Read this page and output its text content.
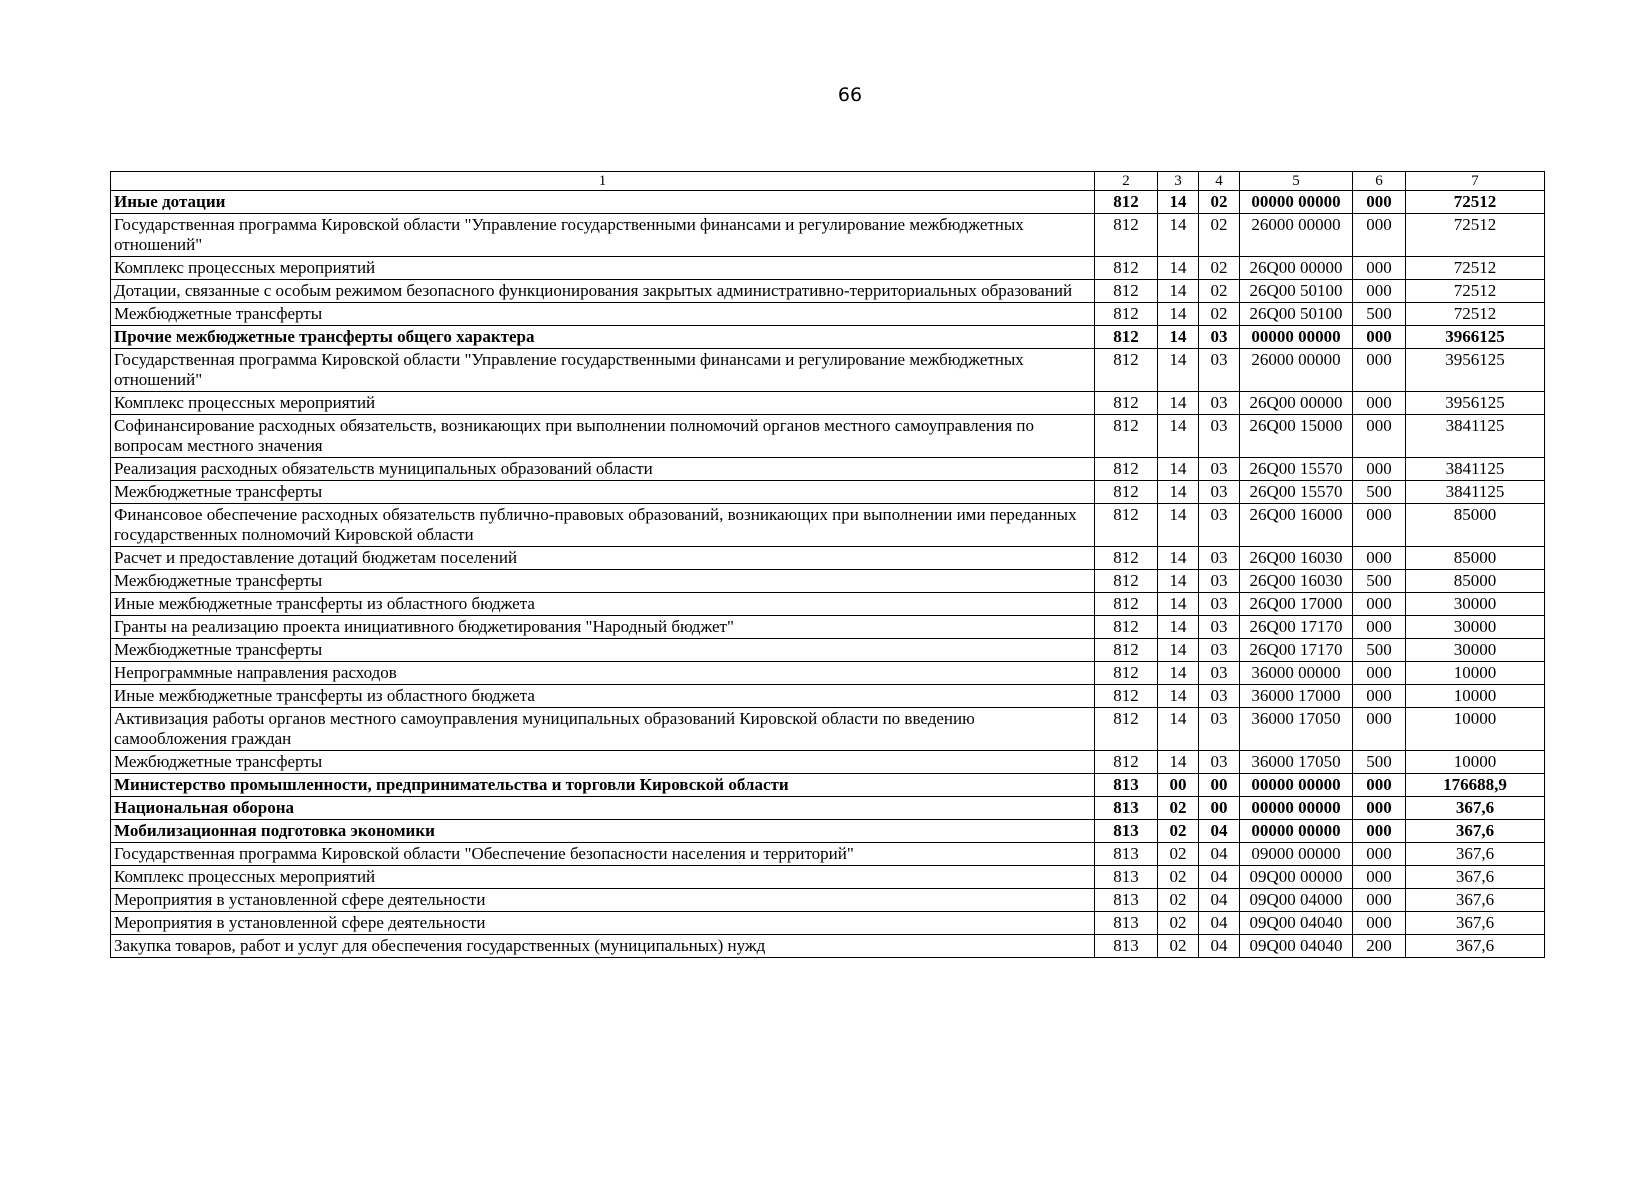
66
1	2	3	4	5	6	7
Иные дотации	812	14	02	00000 00000	000	72512
Государственная программа Кировской области "Управление государственными финансами и регулирование межбюджетных отношений"	812	14	02	26000 00000	000	72512
Комплекс процессных мероприятий	812	14	02	26Q00 00000	000	72512
Дотации, связанные с особым режимом безопасного функционирования закрытых административно-территориальных образований	812	14	02	26Q00 50100	000	72512
Межбюджетные трансферты	812	14	02	26Q00 50100	500	72512
Прочие межбюджетные трансферты общего характера	812	14	03	00000 00000	000	3966125
Государственная программа Кировской области "Управление государственными финансами и регулирование межбюджетных отношений"	812	14	03	26000 00000	000	3956125
Комплекс процессных мероприятий	812	14	03	26Q00 00000	000	3956125
Софинансирование расходных обязательств, возникающих при выполнении полномочий органов местного самоуправления по вопросам местного значения	812	14	03	26Q00 15000	000	3841125
Реализация расходных обязательств муниципальных образований области	812	14	03	26Q00 15570	000	3841125
Межбюджетные трансферты	812	14	03	26Q00 15570	500	3841125
Финансовое обеспечение расходных обязательств публично-правовых образований, возникающих при выполнении ими переданных государственных полномочий Кировской области	812	14	03	26Q00 16000	000	85000
Расчет и предоставление дотаций бюджетам поселений	812	14	03	26Q00 16030	000	85000
Межбюджетные трансферты	812	14	03	26Q00 16030	500	85000
Иные межбюджетные трансферты из областного бюджета	812	14	03	26Q00 17000	000	30000
Гранты на реализацию проекта инициативного бюджетирования "Народный бюджет"	812	14	03	26Q00 17170	000	30000
Межбюджетные трансферты	812	14	03	26Q00 17170	500	30000
Непрограммные направления расходов	812	14	03	36000 00000	000	10000
Иные межбюджетные трансферты из областного бюджета	812	14	03	36000 17000	000	10000
Активизация работы органов местного самоуправления муниципальных образований Кировской области по введению самообложения граждан	812	14	03	36000 17050	000	10000
Межбюджетные трансферты	812	14	03	36000 17050	500	10000
Министерство промышленности, предпринимательства и торговли Кировской области	813	00	00	00000 00000	000	176688,9
Национальная оборона	813	02	00	00000 00000	000	367,6
Мобилизационная подготовка экономики	813	02	04	00000 00000	000	367,6
Государственная программа Кировской области "Обеспечение безопасности населения и территорий"	813	02	04	09000 00000	000	367,6
Комплекс процессных мероприятий	813	02	04	09Q00 00000	000	367,6
Мероприятия в установленной сфере деятельности	813	02	04	09Q00 04000	000	367,6
Мероприятия в установленной сфере деятельности	813	02	04	09Q00 04040	000	367,6
Закупка товаров, работ и услуг для обеспечения государственных (муниципальных) нужд	813	02	04	09Q00 04040	200	367,6
